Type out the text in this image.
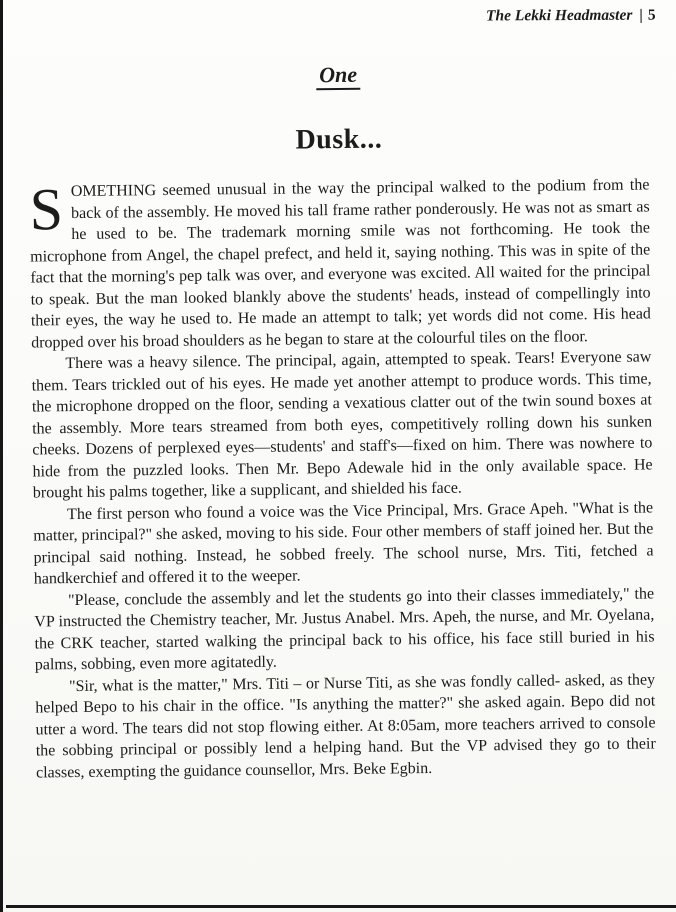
The Lekki Headmaster | 5
One
Dusk...

SOMETHING seemed unusual in the way the principal walked to the podium from the back of the assembly. He moved his tall frame rather ponderously. He was not as smart as he used to be. The trademark morning smile was not forthcoming. He took the microphone from Angel, the chapel prefect, and held it, saying nothing. This was in spite of the fact that the morning's pep talk was over, and everyone was excited. All waited for the principal to speak. But the man looked blankly above the students' heads, instead of compellingly into their eyes, the way he used to. He made an attempt to talk; yet words did not come. His head dropped over his broad shoulders as he began to stare at the colourful tiles on the floor.

There was a heavy silence. The principal, again, attempted to speak. Tears! Everyone saw them. Tears trickled out of his eyes. He made yet another attempt to produce words. This time, the microphone dropped on the floor, sending a vexatious clatter out of the twin sound boxes at the assembly. More tears streamed from both eyes, competitively rolling down his sunken cheeks. Dozens of perplexed eyes—students' and staff's—fixed on him. There was nowhere to hide from the puzzled looks. Then Mr. Bepo Adewale hid in the only available space. He brought his palms together, like a supplicant, and shielded his face.

The first person who found a voice was the Vice Principal, Mrs. Grace Apeh. "What is the matter, principal?" she asked, moving to his side. Four other members of staff joined her. But the principal said nothing. Instead, he sobbed freely. The school nurse, Mrs. Titi, fetched a handkerchief and offered it to the weeper.

"Please, conclude the assembly and let the students go into their classes immediately," the VP instructed the Chemistry teacher, Mr. Justus Anabel. Mrs. Apeh, the nurse, and Mr. Oyelana, the CRK teacher, started walking the principal back to his office, his face still buried in his palms, sobbing, even more agitatedly.

"Sir, what is the matter," Mrs. Titi – or Nurse Titi, as she was fondly called- asked, as they helped Bepo to his chair in the office. "Is anything the matter?" she asked again. Bepo did not utter a word. The tears did not stop flowing either. At 8:05am, more teachers arrived to console the sobbing principal or possibly lend a helping hand. But the VP advised they go to their classes, exempting the guidance counsellor, Mrs. Beke Egbin.
